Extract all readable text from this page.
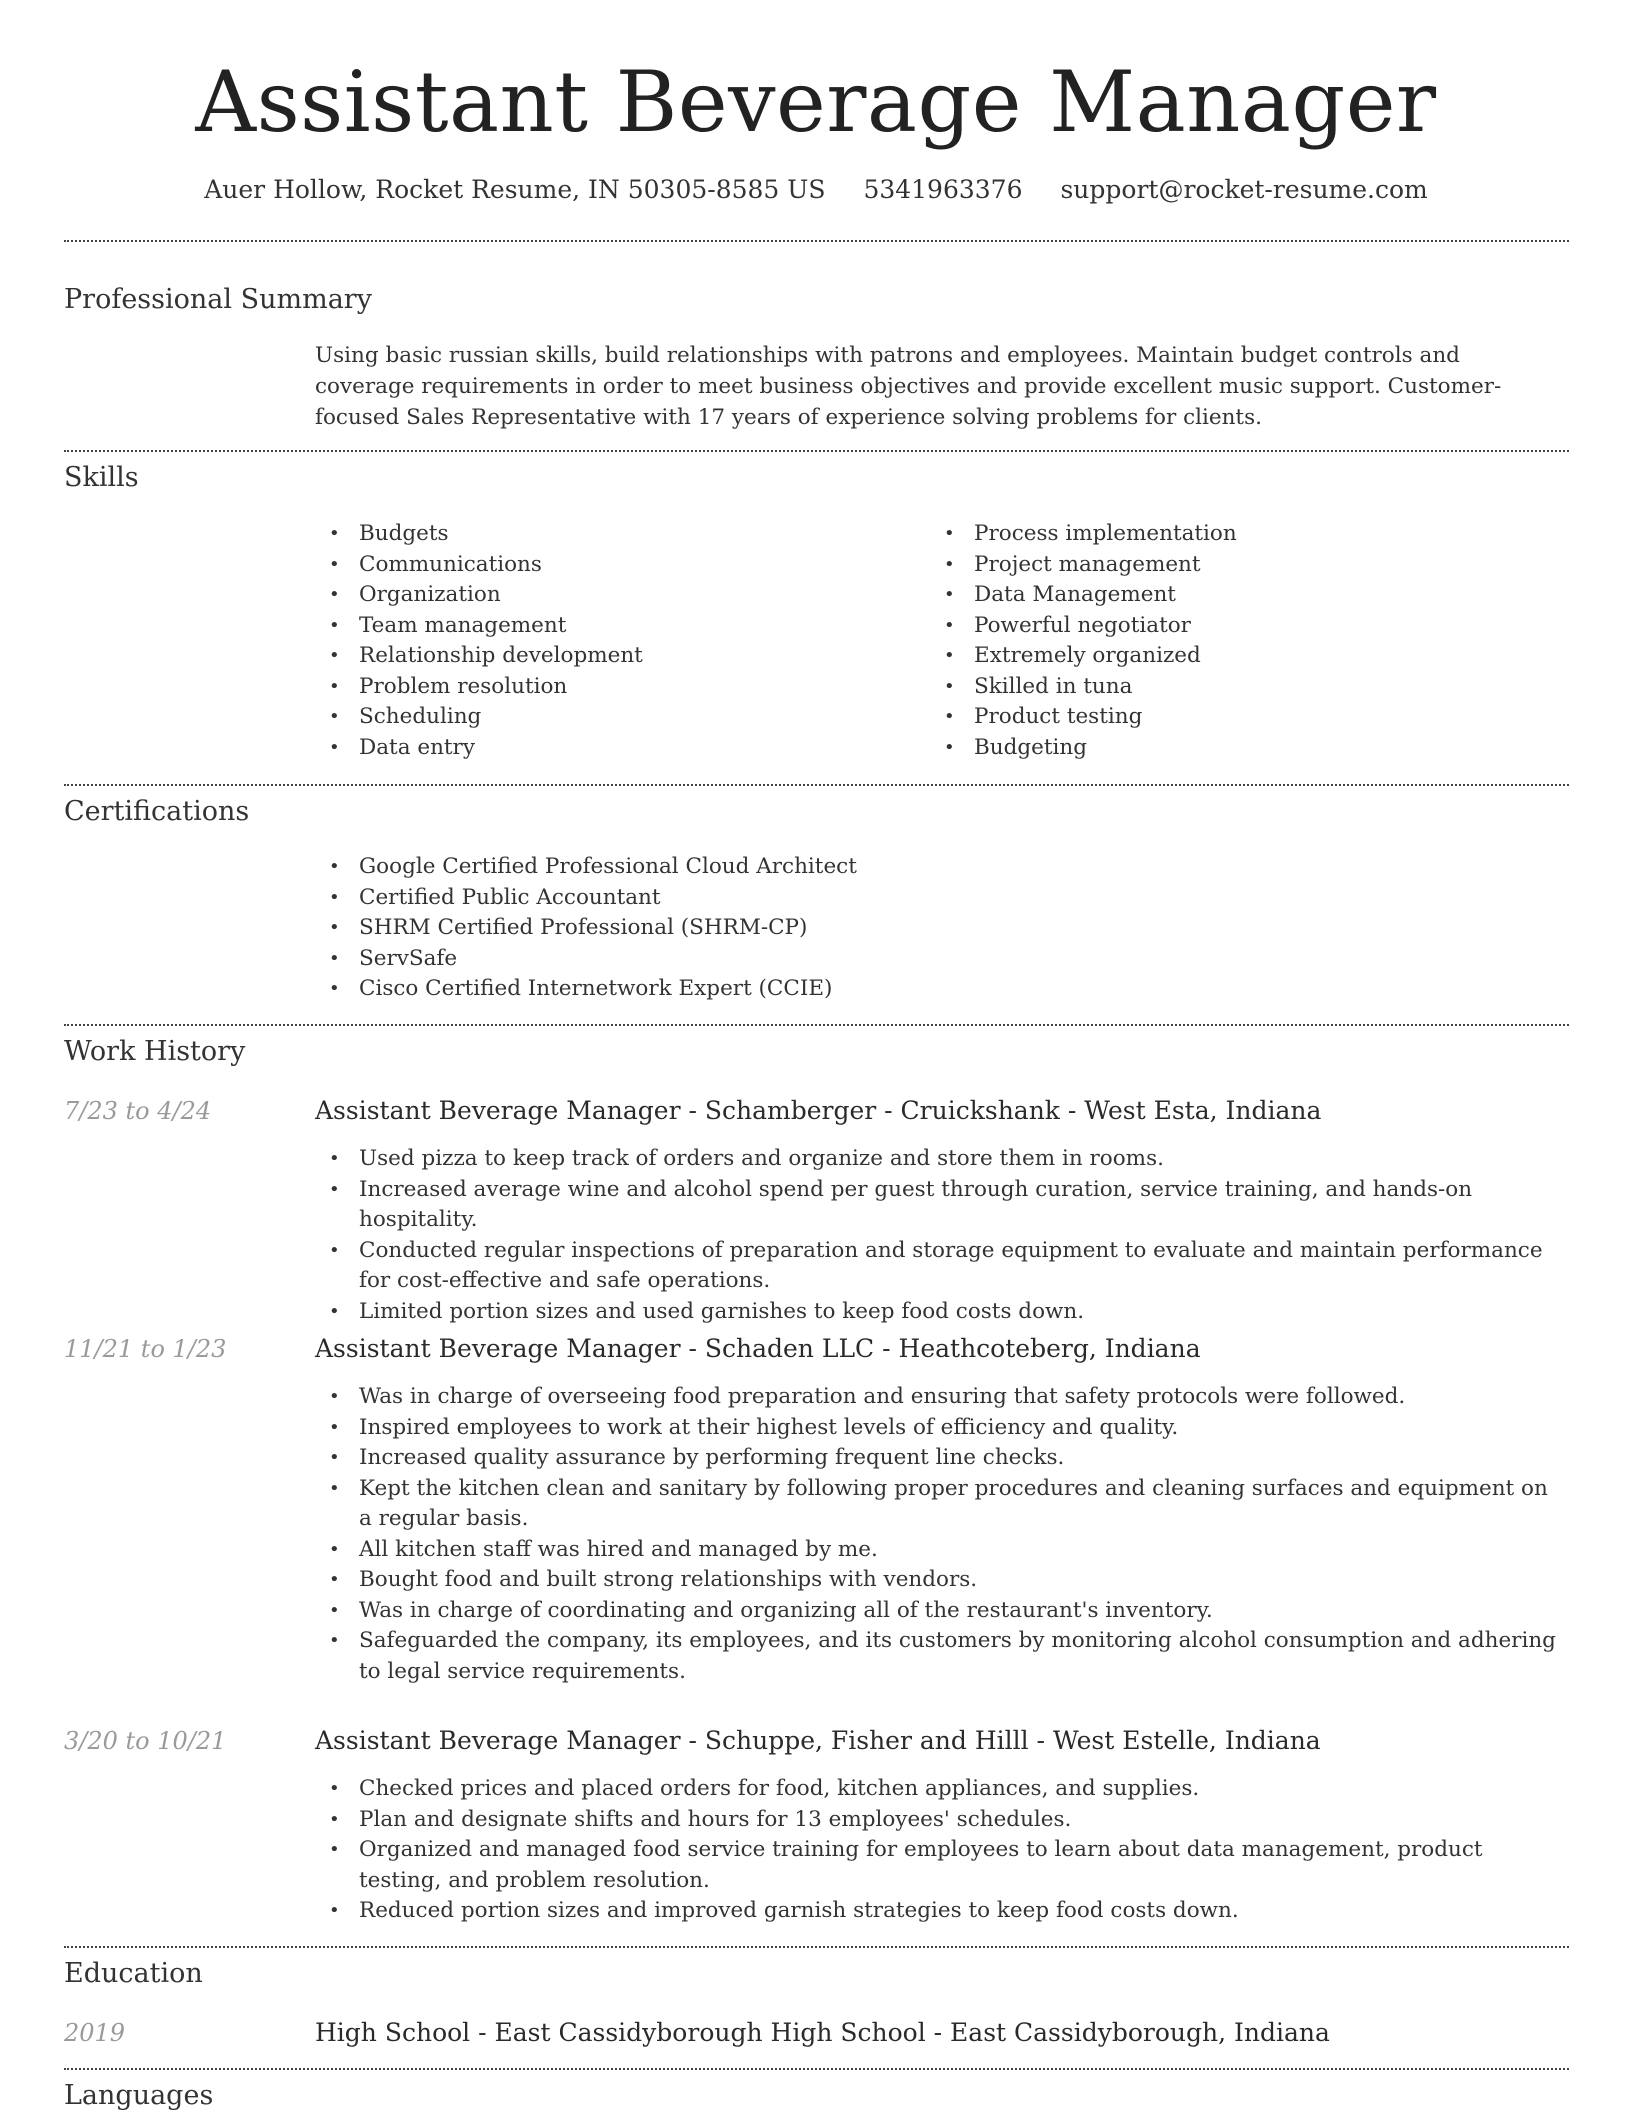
Assistant Beverage Manager
Auer Hollow, Rocket Resume, IN 50305-8585 US 5341963376 support@rocket-resume.com
Professional Summary
Using basic russian skills, build relationships with patrons and employees. Maintain budget controls and coverage requirements in order to meet business objectives and provide excellent music support. Customer-focused Sales Representative with 17 years of experience solving problems for clients.
Skills
• Budgets
• Communications
• Organization
• Team management
• Relationship development
• Problem resolution
• Scheduling
• Data entry
• Process implementation
• Project management
• Data Management
• Powerful negotiator
• Extremely organized
• Skilled in tuna
• Product testing
• Budgeting
Certifications
• Google Certified Professional Cloud Architect
• Certified Public Accountant
• SHRM Certified Professional (SHRM-CP)
• ServSafe
• Cisco Certified Internetwork Expert (CCIE)
Work History
7/23 to 4/24	Assistant Beverage Manager - Schamberger - Cruickshank - West Esta, Indiana
• Used pizza to keep track of orders and organize and store them in rooms.
• Increased average wine and alcohol spend per guest through curation, service training, and hands-on hospitality.
• Conducted regular inspections of preparation and storage equipment to evaluate and maintain performance for cost-effective and safe operations.
• Limited portion sizes and used garnishes to keep food costs down.
11/21 to 1/23	Assistant Beverage Manager - Schaden LLC - Heathcoteberg, Indiana
• Was in charge of overseeing food preparation and ensuring that safety protocols were followed.
• Inspired employees to work at their highest levels of efficiency and quality.
• Increased quality assurance by performing frequent line checks.
• Kept the kitchen clean and sanitary by following proper procedures and cleaning surfaces and equipment on a regular basis.
• All kitchen staff was hired and managed by me.
• Bought food and built strong relationships with vendors.
• Was in charge of coordinating and organizing all of the restaurant's inventory.
• Safeguarded the company, its employees, and its customers by monitoring alcohol consumption and adhering to legal service requirements.
3/20 to 10/21	Assistant Beverage Manager - Schuppe, Fisher and Hilll - West Estelle, Indiana
• Checked prices and placed orders for food, kitchen appliances, and supplies.
• Plan and designate shifts and hours for 13 employees' schedules.
• Organized and managed food service training for employees to learn about data management, product testing, and problem resolution.
• Reduced portion sizes and improved garnish strategies to keep food costs down.
Education
2019	High School - East Cassidyborough High School - East Cassidyborough, Indiana
Languages
